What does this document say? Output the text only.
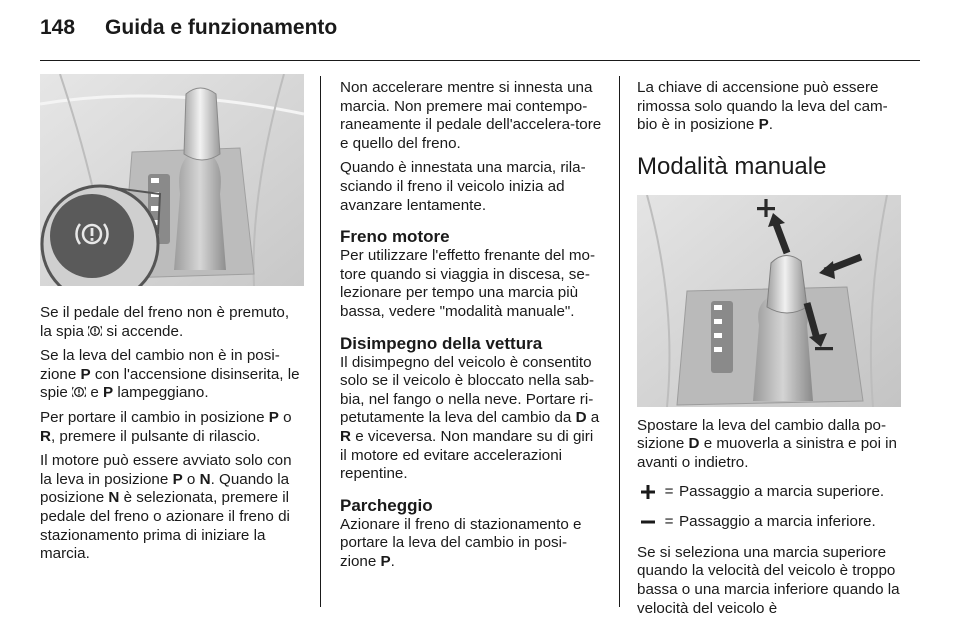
148 Guida e funzionamento

Se il pedale del freno non è premuto, la spia  si accende.

Se la leva del cambio non è in posi-zione P con l'accensione disinserita, le spie  e P lampeggiano.

Per portare il cambio in posizione P o R, premere il pulsante di rilascio.

Il motore può essere avviato solo con la leva in posizione P o N. Quando la posizione N è selezionata, premere il pedale del freno o azionare il freno di stazionamento prima di iniziare la marcia.

Non accelerare mentre si innesta una marcia. Non premere mai contempo-raneamente il pedale dell'accelera-tore e quello del freno.

Quando è innestata una marcia, rila-sciando il freno il veicolo inizia ad avanzare lentamente.

Freno motore

Per utilizzare l'effetto frenante del mo-tore quando si viaggia in discesa, se-lezionare per tempo una marcia più bassa, vedere "modalità manuale".

Disimpegno della vettura

Il disimpegno del veicolo è consentito solo se il veicolo è bloccato nella sab-bia, nel fango o nella neve. Portare ri-petutamente la leva del cambio da D a R e viceversa. Non mandare su di giri il motore ed evitare accelerazioni repentine.

Parcheggio

Azionare il freno di stazionamento e portare la leva del cambio in posi-zione P.

La chiave di accensione può essere rimossa solo quando la leva del cam-bio è in posizione P.

Modalità manuale

Spostare la leva del cambio dalla po-sizione D e muoverla a sinistra e poi in avanti o indietro.

= Passaggio a marcia superiore.
= Passaggio a marcia inferiore.

Se si seleziona una marcia superiore quando la velocità del veicolo è troppo bassa o una marcia inferiore quando la velocità del veicolo è
